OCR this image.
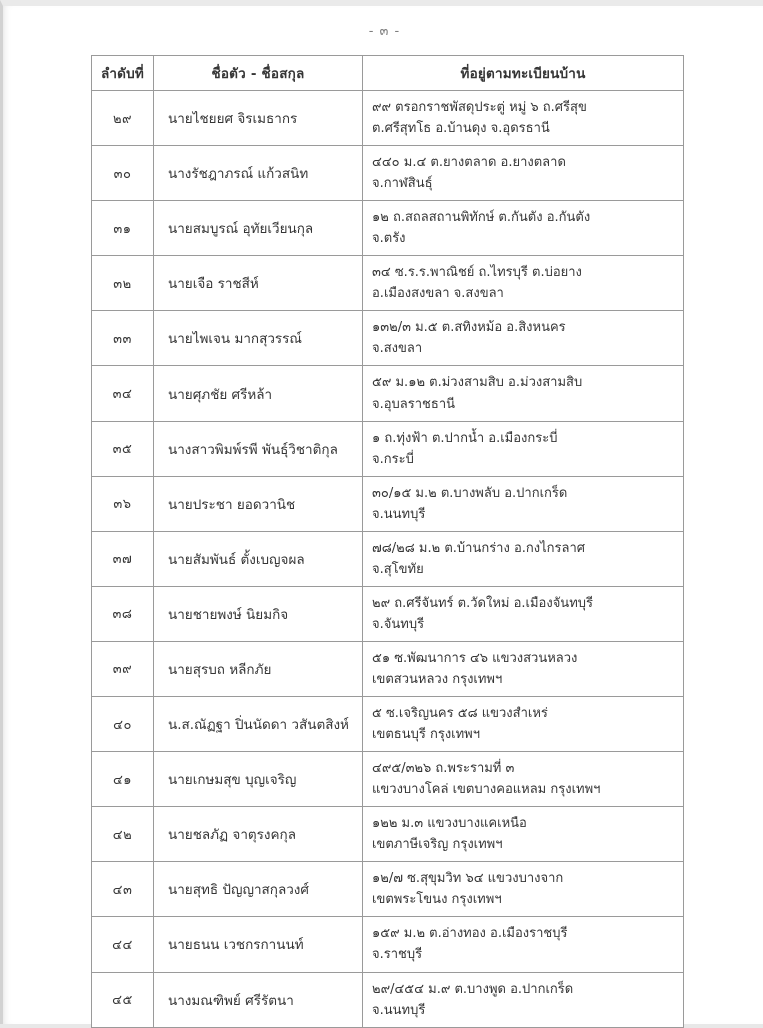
- ๓ -
ลำดับที่	ชื่อตัว - ชื่อสกุล	ที่อยู่ตามทะเบียนบ้าน
๒๙	นายไชยยศ จิรเมธากร	๙๙ ตรอกราชพัสดุประตู่ หมู่ ๖ ถ.ศรีสุข
ต.ศรีสุทโธ อ.บ้านดุง จ.อุดรธานี

๓๐	นางรัชฎาภรณ์ แก้วสนิท	๔๔๐ ม.๔ ต.ยางตลาด อ.ยางตลาด
จ.กาฬสินธุ์

๓๑	นายสมบูรณ์ อุทัยเวียนกุล	๑๒ ถ.สถลสถานพิทักษ์ ต.กันตัง อ.กันตัง
จ.ตรัง

๓๒	นายเจือ ราชสีห์	๓๔ ซ.ร.ร.พาณิชย์ ถ.ไทรบุรี ต.บ่อยาง
อ.เมืองสงขลา จ.สงขลา

๓๓	นายไพเจน มากสุวรรณ์	๑๓๒/๓ ม.๕ ต.สทิงหม้อ อ.สิงหนคร
จ.สงขลา

๓๔	นายศุภชัย ศรีหล้า	๕๙ ม.๑๒ ต.ม่วงสามสิบ อ.ม่วงสามสิบ
จ.อุบลราชธานี

๓๕	นางสาวพิมพ์รพี พันธุ์วิชาติกุล	๑ ถ.ทุ่งฟ้า ต.ปากน้ำ อ.เมืองกระบี่
จ.กระบี่

๓๖	นายประชา ยอดวานิช	๓๐/๑๕ ม.๒ ต.บางพลับ อ.ปากเกร็ด
จ.นนทบุรี

๓๗	นายสัมพันธ์ ตั้งเบญจผล	๗๘/๒๘ ม.๒ ต.บ้านกร่าง อ.กงไกรลาศ
จ.สุโขทัย

๓๘	นายชายพงษ์ นิยมกิจ	๒๙ ถ.ศรีจันทร์ ต.วัดใหม่ อ.เมืองจันทบุรี
จ.จันทบุรี

๓๙	นายสุรบถ หลีกภัย	๕๑ ซ.พัฒนาการ ๔๖ แขวงสวนหลวง
เขตสวนหลวง กรุงเทพฯ

๔๐	น.ส.ณัฏฐา ปิ่นนัดดา วสันตสิงห์	๕ ซ.เจริญนคร ๕๘ แขวงสำเหร่
เขตธนบุรี กรุงเทพฯ

๔๑	นายเกษมสุข บุญเจริญ	๔๙๕/๓๒๖ ถ.พระรามที่ ๓
แขวงบางโคล่ เขตบางคอแหลม กรุงเทพฯ

๔๒	นายชลภัฏ จาตุรงคกุล	๑๒๒ ม.๓ แขวงบางแคเหนือ
เขตภาษีเจริญ กรุงเทพฯ

๔๓	นายสุทธิ ปัญญาสกุลวงศ์	๑๒/๗ ซ.สุขุมวิท ๖๔ แขวงบางจาก
เขตพระโขนง กรุงเทพฯ

๔๔	นายธนน เวชกรกานนท์	๑๕๙ ม.๒ ต.อ่างทอง อ.เมืองราชบุรี
จ.ราชบุรี

๔๕	นางมณฑิพย์ ศรีรัตนา	๒๙/๔๕๔ ม.๙ ต.บางพูด อ.ปากเกร็ด
จ.นนทบุรี
